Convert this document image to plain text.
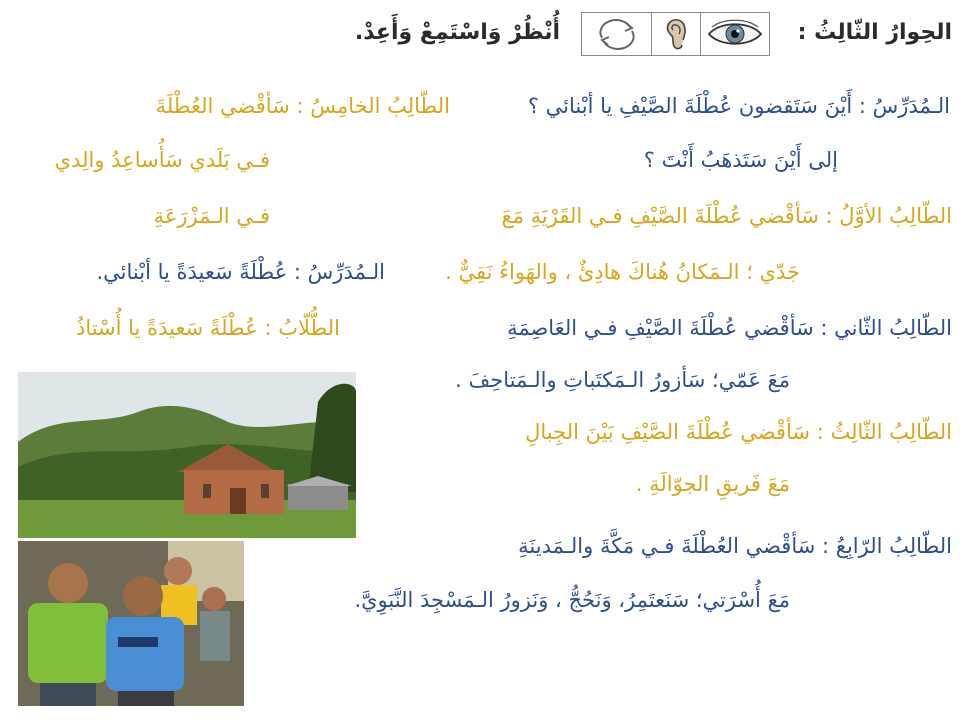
الحِوارُ الثّالِثُ :
أُنْظُرْ وَاسْتَمِعْ وَأَعِدْ.
الـمُدَرِّسُ : أَيْنَ سَتَقضون عُطْلَةَ الصَّيْفِ يا أبْنائي ؟
إلى أَيْنَ سَتَذهَبُ أَنْتَ ؟
الطّالِبُ الأوَّلُ : سَأقْضي عُطْلَةَ الصَّيْفِ فـي القَرْيَةِ مَعَ
جَدّي ؛ الـمَكانُ هُناكَ هادِئٌ ، والهَواءُ نَقِيٌّ .
الطّالِبُ الثّاني : سَأقْضي عُطْلَةَ الصَّيْفِ فـي العَاصِمَةِ
مَعَ عَمّي؛ سَأزورُ الـمَكتَباتِ والـمَتاحِفَ .
الطّالِبُ الثّالِثُ : سَأقْضي عُطْلَةَ الصَّيْفِ بَيْنَ الجِبالِ
مَعَ فَريقِ الجوّالَةِ .
الطّالِبُ الرّابِعُ : سَأقْضي العُطْلَةَ فـي مَكَّةَ والـمَدينَةِ
مَعَ أُسْرَتي؛ سَنَعتَمِرُ، وَنَحُجُّ ، وَنَزورُ الـمَسْجِدَ النَّبَوِيَّ.
الطّالِبُ الخامِسُ : سَأقْضي العُطْلَةَ
فـي بَلَدي سَأُساعِدُ والِدي
فـي الـمَزْرَعَةِ
الـمُدَرِّسُ : عُطْلَةً سَعيدَةً يا أبْنائي.
الطُّلّابُ : عُطْلَةً سَعيدَةً يا أُسْتاذُ
